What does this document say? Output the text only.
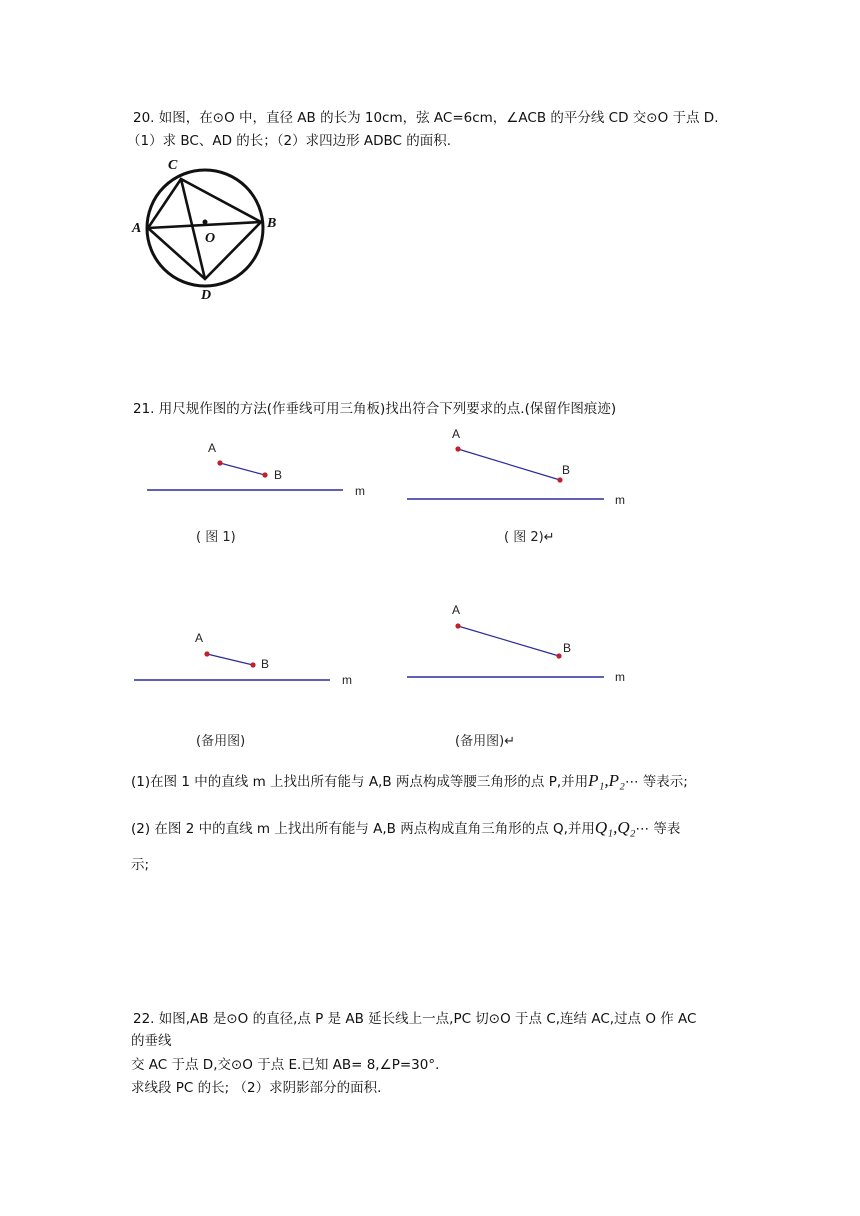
20. 如图，在⊙O 中，直径 AB 的长为 10cm，弦 AC=6cm，∠ACB 的平分线 CD 交⊙O 于点 D.
（1）求 BC、AD 的长；（2）求四边形 ADBC 的面积.
C
A
O
B
D
21. 用尺规作图的方法(作垂线可用三角板)找出符合下列要求的点.(保留作图痕迹)
A
B
m
( 图 1)
A
B
m
( 图 2)↵
A
B
m
(备用图)
A
B
m
(备用图)↵
(1)在图 1 中的直线 m 上找出所有能与 A,B 两点构成等腰三角形的点 P,并用P₁,P₂⋯ 等表示;
(2) 在图 2 中的直线 m 上找出所有能与 A,B 两点构成直角三角形的点 Q,并用Q₁,Q₂⋯ 等表
示;
22. 如图,AB 是⊙O 的直径,点 P 是 AB 延长线上一点,PC 切⊙O 于点 C,连结 AC,过点 O 作 AC
的垂线
交 AC 于点 D,交⊙O 于点 E.已知 AB= 8,∠P=30°.
求线段 PC 的长; （2）求阴影部分的面积.
